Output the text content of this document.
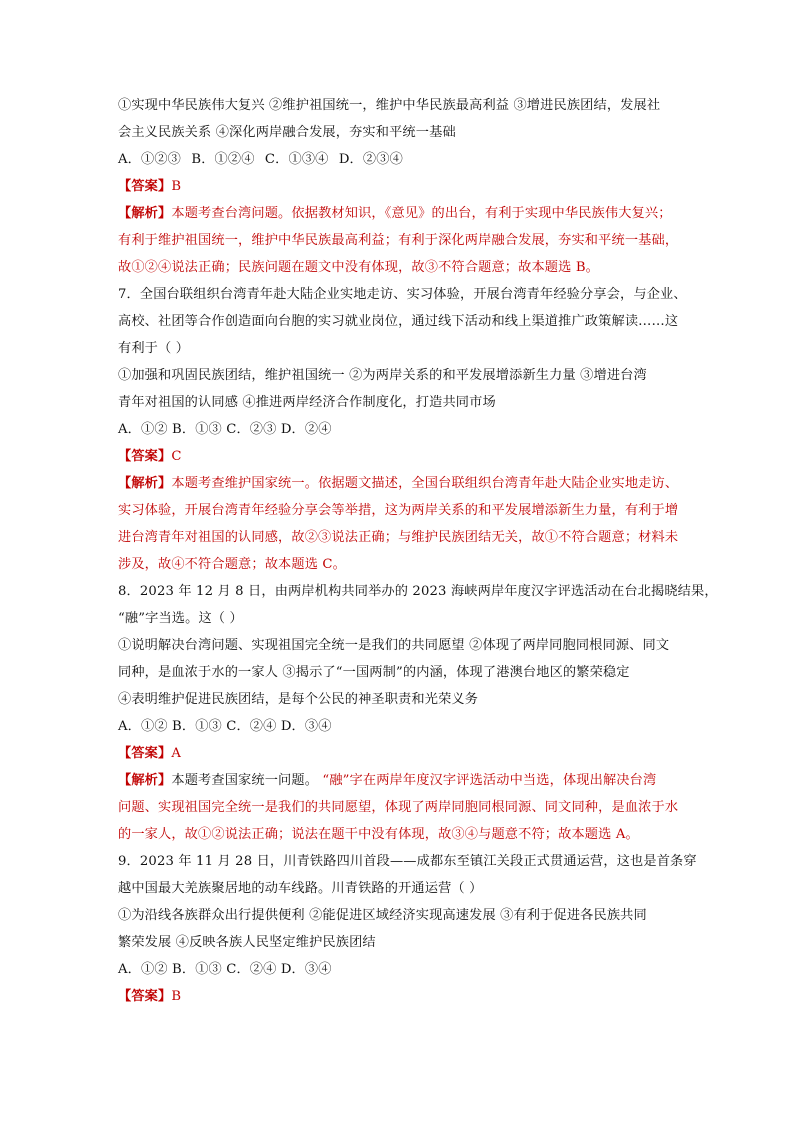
①实现中华民族伟大复兴 ②维护祖国统一，维护中华民族最高利益 ③增进民族团结，发展社
会主义民族关系 ④深化两岸融合发展，夯实和平统一基础
A．①②③ B．①②④ C．①③④ D．②③④
【答案】B
【解析】本题考查台湾问题。依据教材知识，《意见》的出台，有利于实现中华民族伟大复兴；
有利于维护祖国统一，维护中华民族最高利益；有利于深化两岸融合发展，夯实和平统一基础，
故①②④说法正确；民族问题在题文中没有体现，故③不符合题意；故本题选 B。
7．全国台联组织台湾青年赴大陆企业实地走访、实习体验，开展台湾青年经验分享会，与企业、
高校、社团等合作创造面向台胞的实习就业岗位，通过线下活动和线上渠道推广政策解读……这
有利于（ ）
①加强和巩固民族团结，维护祖国统一 ②为两岸关系的和平发展增添新生力量 ③增进台湾
青年对祖国的认同感 ④推进两岸经济合作制度化，打造共同市场
A．①② B．①③ C．②③ D．②④
【答案】C
【解析】本题考查维护国家统一。依据题文描述，全国台联组织台湾青年赴大陆企业实地走访、
实习体验，开展台湾青年经验分享会等举措，这为两岸关系的和平发展增添新生力量，有利于增
进台湾青年对祖国的认同感，故②③说法正确；与维护民族团结无关，故①不符合题意；材料未
涉及，故④不符合题意；故本题选 C。
8．2023 年 12 月 8 日，由两岸机构共同举办的 2023 海峡两岸年度汉字评选活动在台北揭晓结果，
“融”字当选。这（ ）
①说明解决台湾问题、实现祖国完全统一是我们的共同愿望 ②体现了两岸同胞同根同源、同文
同种，是血浓于水的一家人 ③揭示了“一国两制”的内涵，体现了港澳台地区的繁荣稳定
④表明维护促进民族团结，是每个公民的神圣职责和光荣义务
A．①② B．①③ C．②④ D．③④
【答案】A
【解析】本题考查国家统一问题。 “融”字在两岸年度汉字评选活动中当选，体现出解决台湾
问题、实现祖国完全统一是我们的共同愿望，体现了两岸同胞同根同源、同文同种，是血浓于水
的一家人，故①②说法正确；说法在题干中没有体现，故③④与题意不符；故本题选 A。
9．2023 年 11 月 28 日，川青铁路四川首段——成都东至镇江关段正式贯通运营，这也是首条穿
越中国最大羌族聚居地的动车线路。川青铁路的开通运营（ ）
①为沿线各族群众出行提供便利 ②能促进区域经济实现高速发展 ③有利于促进各民族共同
繁荣发展 ④反映各族人民坚定维护民族团结
A．①② B．①③ C．②④ D．③④
【答案】B
